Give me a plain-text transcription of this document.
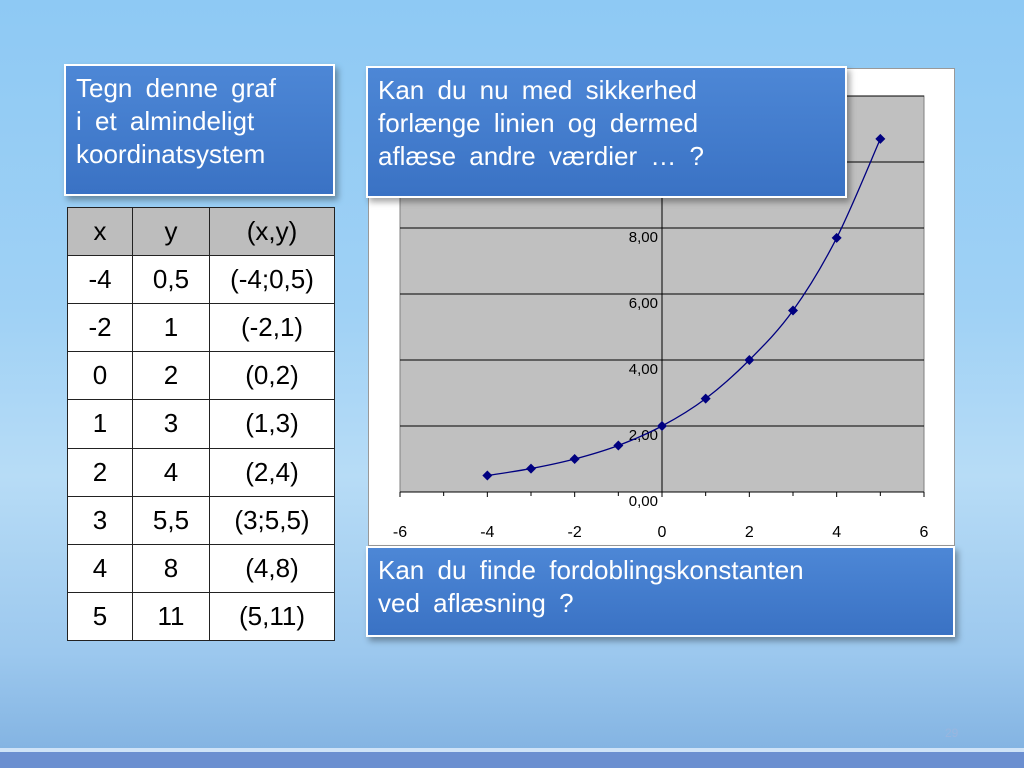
x	y	(x,y)
-4	0,5	(-4;0,5)
-2	1	(-2,1)
0	2	(0,2)
1	3	(1,3)
2	4	(2,4)
3	5,5	(3;5,5)
4	8	(4,8)
5	11	(5,11)
0,00
2,00
4,00
6,00
8,00
-6	-4	-2	0	2	4	6
Tegn denne graf
i et almindeligt
koordinatsystem
Kan du nu med sikkerhed
forlænge linien og dermed
aflæse andre værdier … ?
Kan du finde fordoblingskonstanten
ved aflæsning ?
29
